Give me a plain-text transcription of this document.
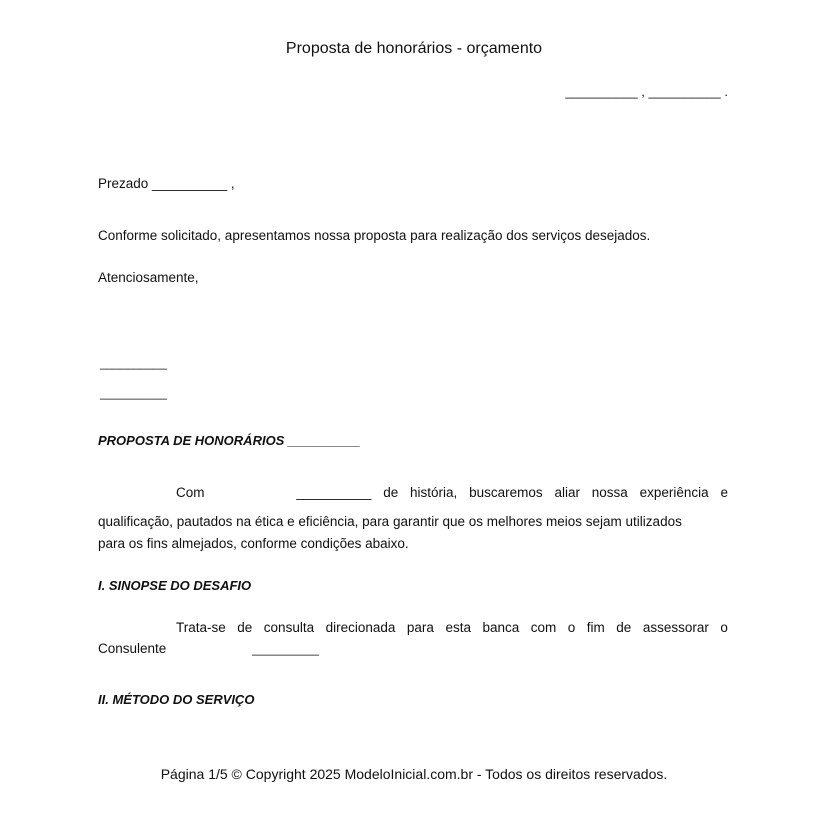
Proposta de honorários - orçamento
__________ , __________ .
Prezado __________ ,
Conforme solicitado, apresentamos nossa proposta para realização dos serviços desejados.
Atenciosamente,
__________
__________
PROPOSTA DE HONORÁRIOS __________
Com	__________ de história, buscaremos aliar nossa experiência e
qualificação, pautados na ética e eficiência, para garantir que os melhores meios sejam utilizados
para os fins almejados, conforme condições abaixo.
I. SINOPSE DO DESAFIO
Trata-se de consulta direcionada para esta banca com o fim de assessorar o
Consulente	__________
II. MÉTODO DO SERVIÇO
Página 1/5 © Copyright 2025 ModeloInicial.com.br - Todos os direitos reservados.
